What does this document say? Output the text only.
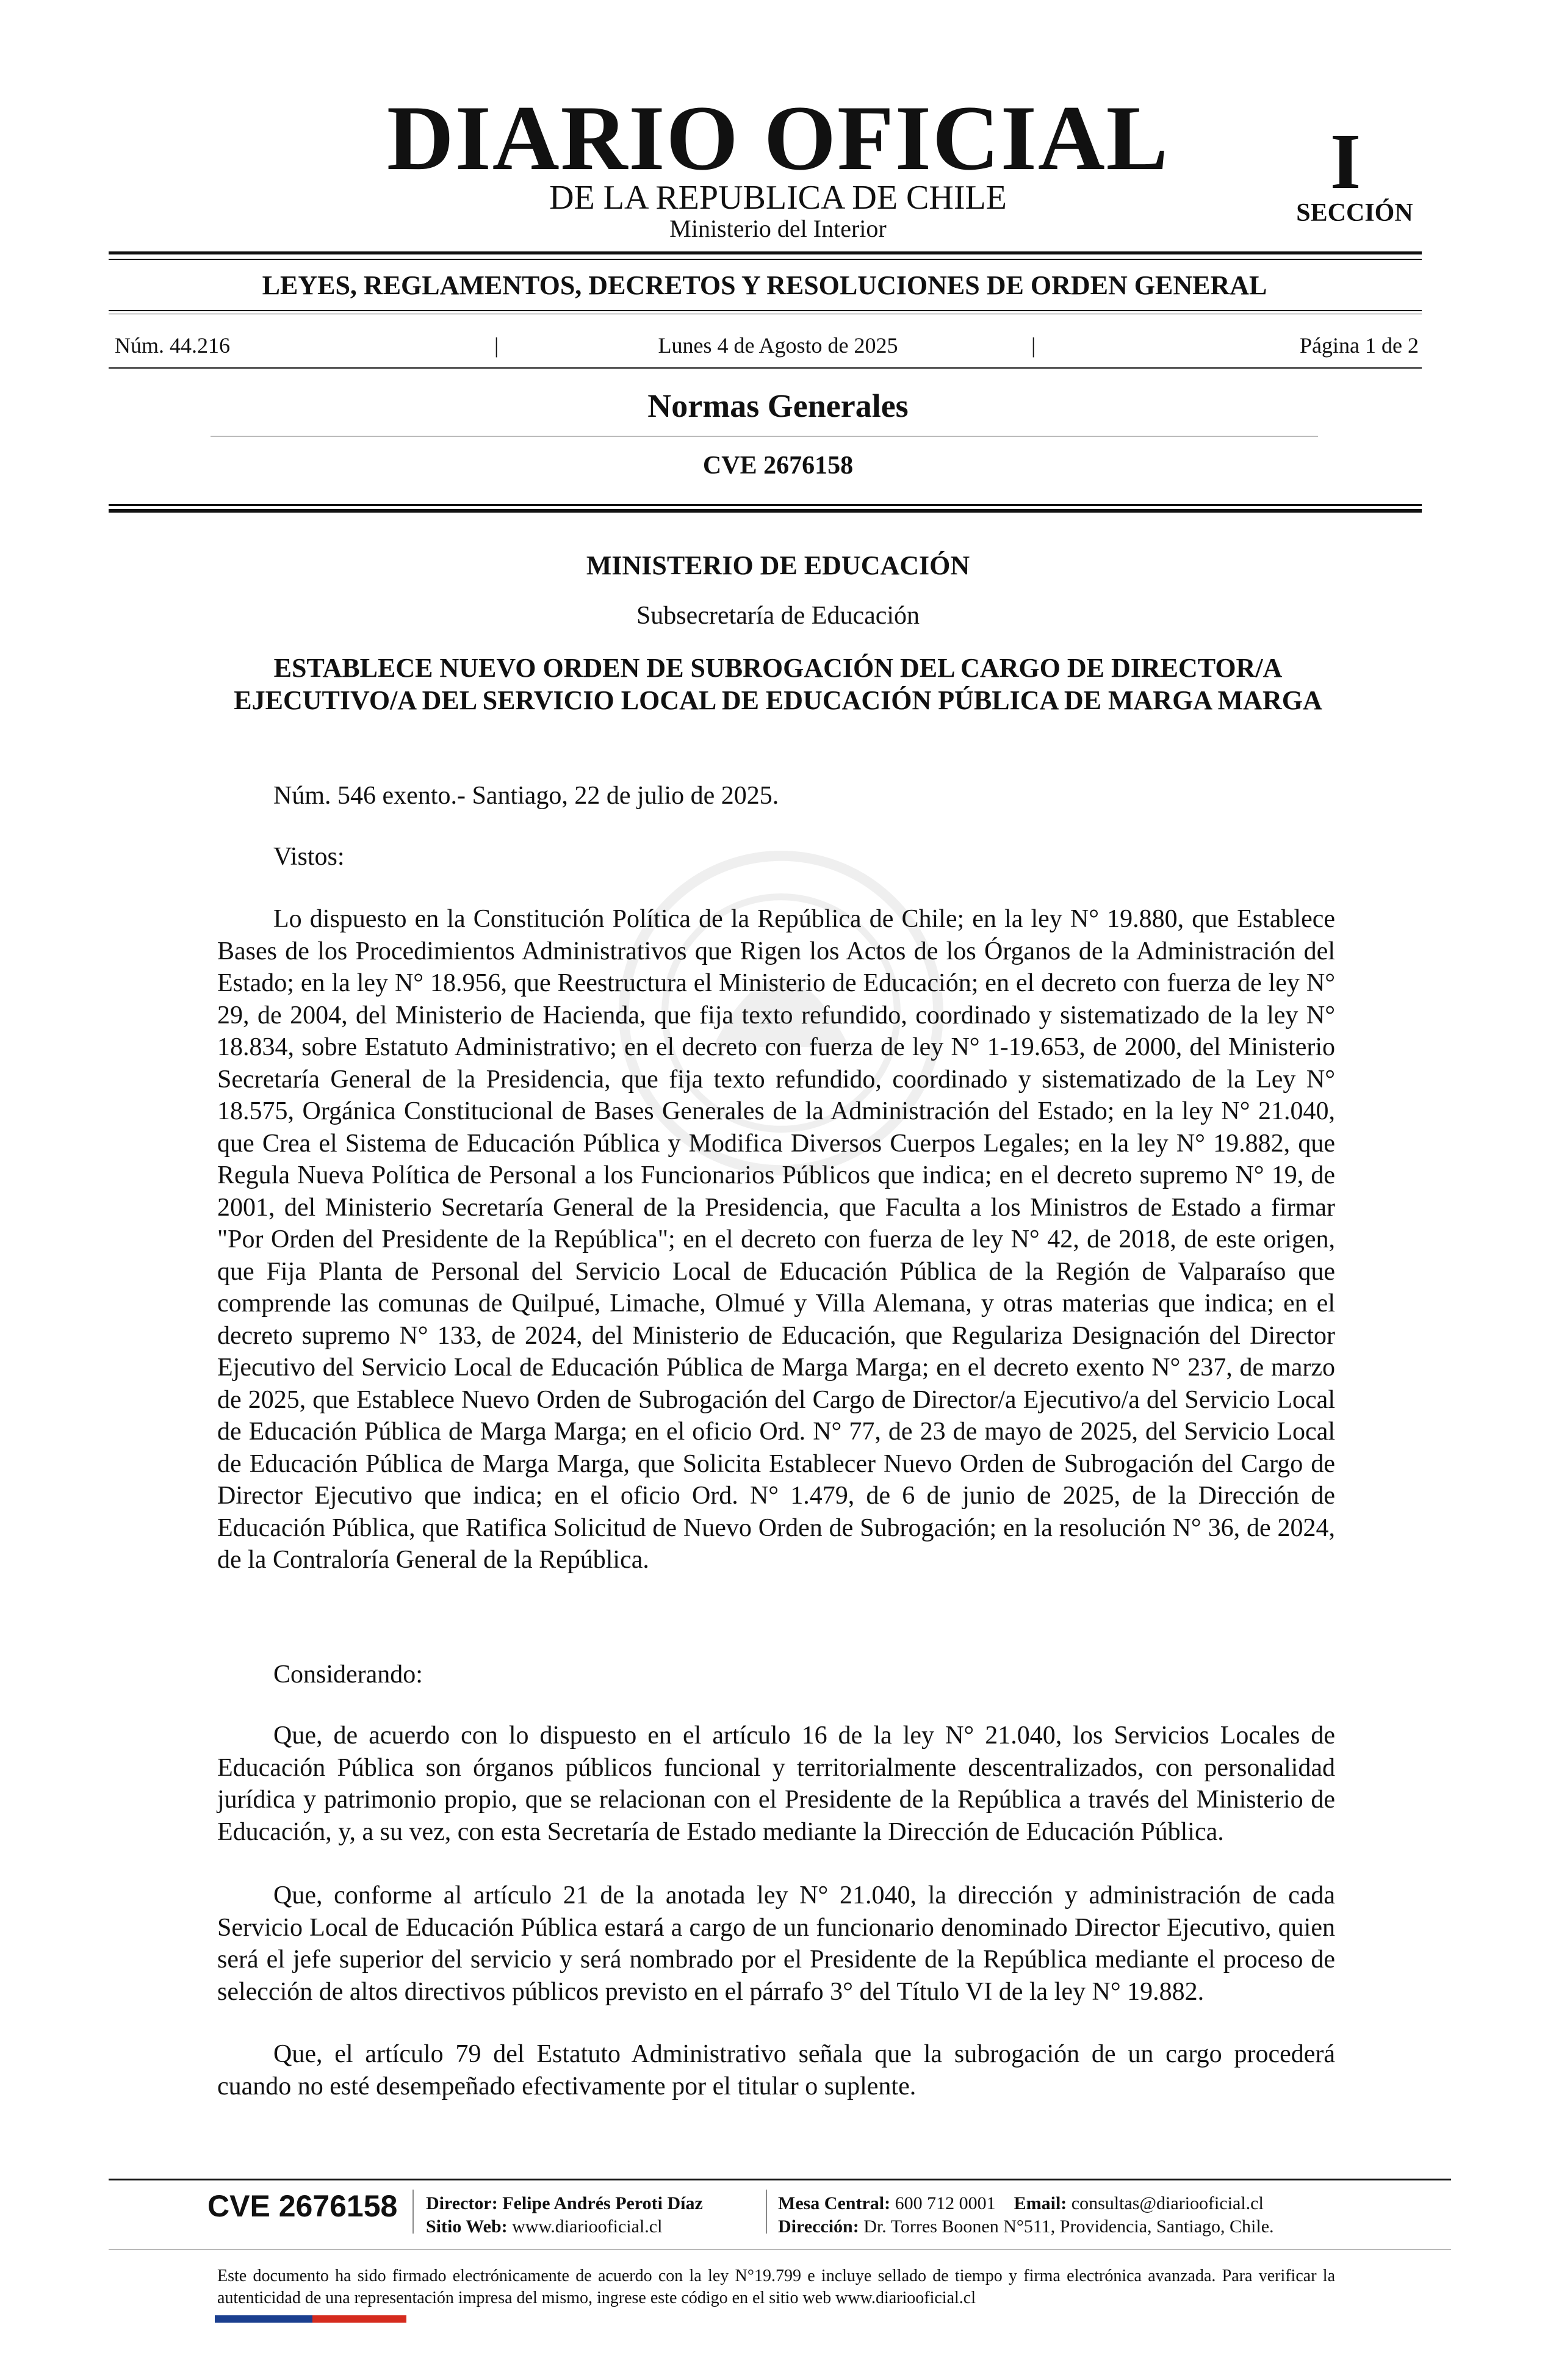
DIARIO OFICIAL
DE LA REPUBLICA DE CHILE
Ministerio del Interior
I
SECCIÓN
LEYES, REGLAMENTOS, DECRETOS Y RESOLUCIONES DE ORDEN GENERAL
Núm. 44.216	|	Lunes 4 de Agosto de 2025	|	Página 1 de 2
Normas Generales
CVE 2676158
MINISTERIO DE EDUCACIÓN
Subsecretaría de Educación
ESTABLECE NUEVO ORDEN DE SUBROGACIÓN DEL CARGO DE DIRECTOR/A EJECUTIVO/A DEL SERVICIO LOCAL DE EDUCACIÓN PÚBLICA DE MARGA MARGA
Núm. 546 exento.- Santiago, 22 de julio de 2025.
Vistos:
Lo dispuesto en la Constitución Política de la República de Chile; en la ley N° 19.880, que Establece Bases de los Procedimientos Administrativos que Rigen los Actos de los Órganos de la Administración del Estado; en la ley N° 18.956, que Reestructura el Ministerio de Educación; en el decreto con fuerza de ley N° 29, de 2004, del Ministerio de Hacienda, que fija texto refundido, coordinado y sistematizado de la ley N° 18.834, sobre Estatuto Administrativo; en el decreto con fuerza de ley N° 1-19.653, de 2000, del Ministerio Secretaría General de la Presidencia, que fija texto refundido, coordinado y sistematizado de la Ley N° 18.575, Orgánica Constitucional de Bases Generales de la Administración del Estado; en la ley N° 21.040, que Crea el Sistema de Educación Pública y Modifica Diversos Cuerpos Legales; en la ley N° 19.882, que Regula Nueva Política de Personal a los Funcionarios Públicos que indica; en el decreto supremo N° 19, de 2001, del Ministerio Secretaría General de la Presidencia, que Faculta a los Ministros de Estado a firmar "Por Orden del Presidente de la República"; en el decreto con fuerza de ley N° 42, de 2018, de este origen, que Fija Planta de Personal del Servicio Local de Educación Pública de la Región de Valparaíso que comprende las comunas de Quilpué, Limache, Olmué y Villa Alemana, y otras materias que indica; en el decreto supremo N° 133, de 2024, del Ministerio de Educación, que Regulariza Designación del Director Ejecutivo del Servicio Local de Educación Pública de Marga Marga; en el decreto exento N° 237, de marzo de 2025, que Establece Nuevo Orden de Subrogación del Cargo de Director/a Ejecutivo/a del Servicio Local de Educación Pública de Marga Marga; en el oficio Ord. N° 77, de 23 de mayo de 2025, del Servicio Local de Educación Pública de Marga Marga, que Solicita Establecer Nuevo Orden de Subrogación del Cargo de Director Ejecutivo que indica; en el oficio Ord. N° 1.479, de 6 de junio de 2025, de la Dirección de Educación Pública, que Ratifica Solicitud de Nuevo Orden de Subrogación; en la resolución N° 36, de 2024, de la Contraloría General de la República.
Considerando:
Que, de acuerdo con lo dispuesto en el artículo 16 de la ley N° 21.040, los Servicios Locales de Educación Pública son órganos públicos funcional y territorialmente descentralizados, con personalidad jurídica y patrimonio propio, que se relacionan con el Presidente de la República a través del Ministerio de Educación, y, a su vez, con esta Secretaría de Estado mediante la Dirección de Educación Pública.
Que, conforme al artículo 21 de la anotada ley N° 21.040, la dirección y administración de cada Servicio Local de Educación Pública estará a cargo de un funcionario denominado Director Ejecutivo, quien será el jefe superior del servicio y será nombrado por el Presidente de la República mediante el proceso de selección de altos directivos públicos previsto en el párrafo 3° del Título VI de la ley N° 19.882.
Que, el artículo 79 del Estatuto Administrativo señala que la subrogación de un cargo procederá cuando no esté desempeñado efectivamente por el titular o suplente.
CVE 2676158 Director: Felipe Andrés Peroti Díaz
Sitio Web: www.diariooficial.cl
Mesa Central: 600 712 0001 Email: consultas@diariooficial.cl
Dirección: Dr. Torres Boonen N°511, Providencia, Santiago, Chile.
Este documento ha sido firmado electrónicamente de acuerdo con la ley N°19.799 e incluye sellado de tiempo y firma electrónica avanzada. Para verificar la autenticidad de una representación impresa del mismo, ingrese este código en el sitio web www.diariooficial.cl
